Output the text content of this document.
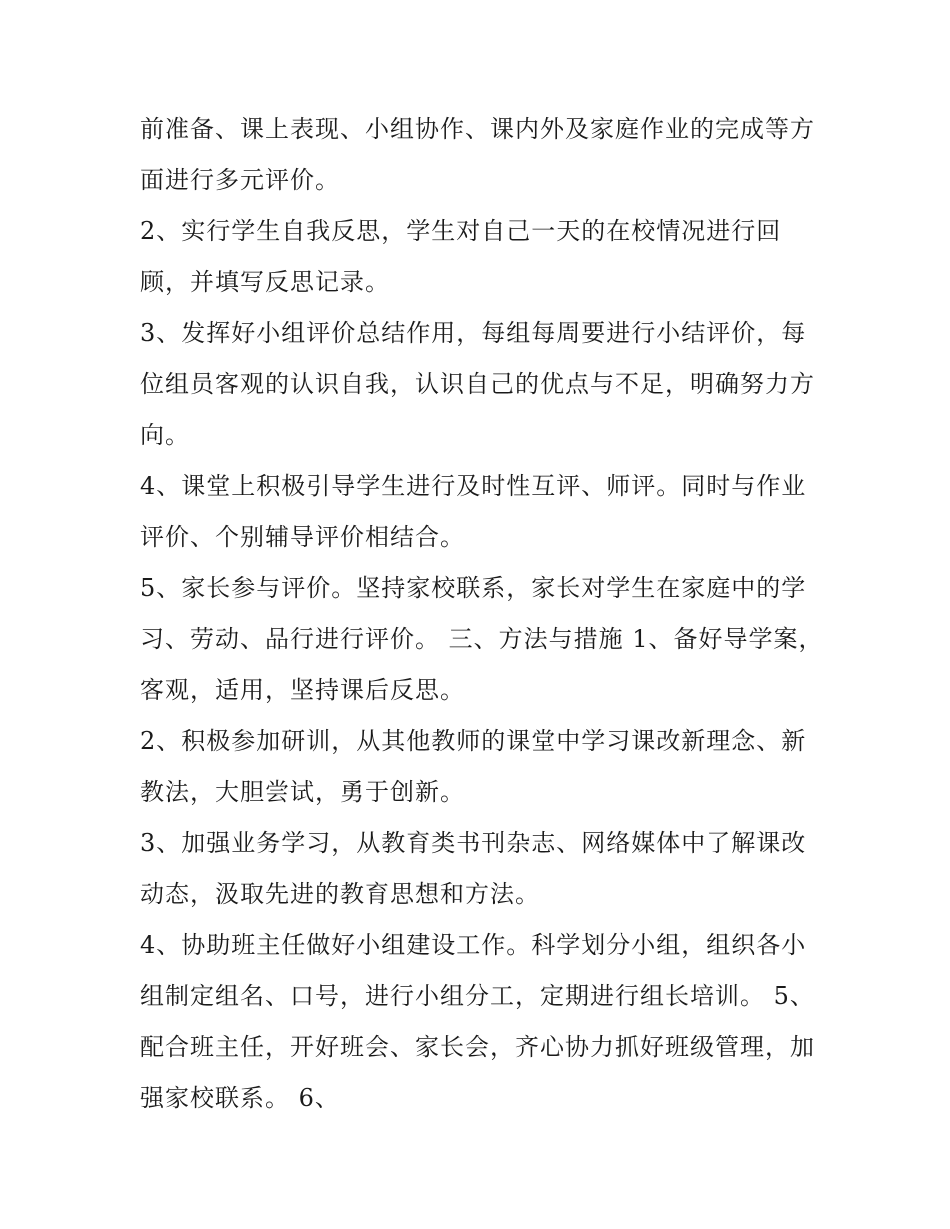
前准备、课上表现、小组协作、课内外及家庭作业的完成等方
面进行多元评价。
2、实行学生自我反思，学生对自己一天的在校情况进行回
顾，并填写反思记录。
3、发挥好小组评价总结作用，每组每周要进行小结评价，每
位组员客观的认识自我，认识自己的优点与不足，明确努力方
向。
4、课堂上积极引导学生进行及时性互评、师评。同时与作业
评价、个别辅导评价相结合。
5、家长参与评价。坚持家校联系，家长对学生在家庭中的学
习、劳动、品行进行评价。 三、方法与措施 1、备好导学案，
客观，适用，坚持课后反思。
2、积极参加研训，从其他教师的课堂中学习课改新理念、新
教法，大胆尝试，勇于创新。
3、加强业务学习，从教育类书刊杂志、网络媒体中了解课改
动态，汲取先进的教育思想和方法。
4、协助班主任做好小组建设工作。科学划分小组，组织各小
组制定组名、口号，进行小组分工，定期进行组长培训。 5、
配合班主任，开好班会、家长会，齐心协力抓好班级管理，加
强家校联系。 6、
